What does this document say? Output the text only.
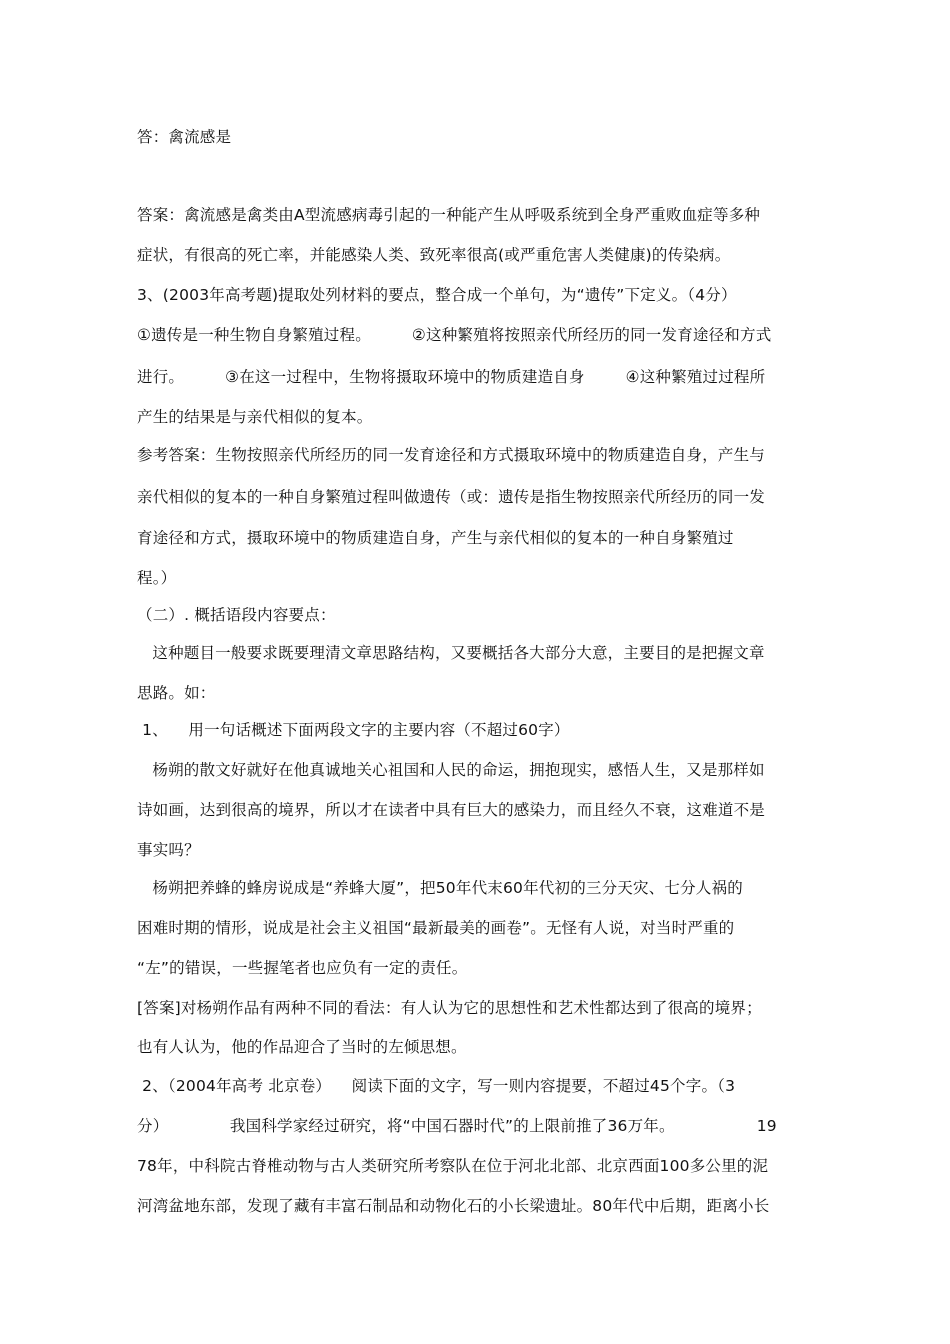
答：禽流感是
答案：禽流感是禽类由A型流感病毒引起的一种能产生从呼吸系统到全身严重败血症等多种
症状，有很高的死亡率，并能感染人类、致死率很高(或严重危害人类健康)的传染病。
3、(2003年高考题)提取处列材料的要点，整合成一个单句，为“遗传”下定义。（4分）
①遗传是一种生物自身繁殖过程。        ②这种繁殖将按照亲代所经历的同一发育途径和方式
进行。        ③在这一过程中，生物将摄取环境中的物质建造自身        ④这种繁殖过过程所
产生的结果是与亲代相似的复本。
参考答案：生物按照亲代所经历的同一发育途径和方式摄取环境中的物质建造自身，产生与
亲代相似的复本的一种自身繁殖过程叫做遗传（或：遗传是指生物按照亲代所经历的同一发
育途径和方式，摄取环境中的物质建造自身，产生与亲代相似的复本的一种自身繁殖过
程。）
（二）. 概括语段内容要点：
这种题目一般要求既要理清文章思路结构，又要概括各大部分大意，主要目的是把握文章
思路。如：
1、    用一句话概述下面两段文字的主要内容（不超过60字）
杨朔的散文好就好在他真诚地关心祖国和人民的命运，拥抱现实，感悟人生，又是那样如
诗如画，达到很高的境界，所以才在读者中具有巨大的感染力，而且经久不衰，这难道不是
事实吗？
杨朔把养蜂的蜂房说成是“养蜂大厦”，把50年代末60年代初的三分天灾、七分人祸的
困难时期的情形，说成是社会主义祖国“最新最美的画卷”。无怪有人说，对当时严重的
“左”的错误，一些握笔者也应负有一定的责任。
[答案]对杨朔作品有两种不同的看法：有人认为它的思想性和艺术性都达到了很高的境界；
也有人认为，他的作品迎合了当时的左倾思想。
2、（2004年高考 北京卷）    阅读下面的文字，写一则内容提要，不超过45个字。（3
分）            我国科学家经过研究，将“中国石器时代”的上限前推了36万年。                19
78年，中科院古脊椎动物与古人类研究所考察队在位于河北北部、北京西面100多公里的泥
河湾盆地东部，发现了藏有丰富石制品和动物化石的小长梁遗址。80年代中后期，距离小长
